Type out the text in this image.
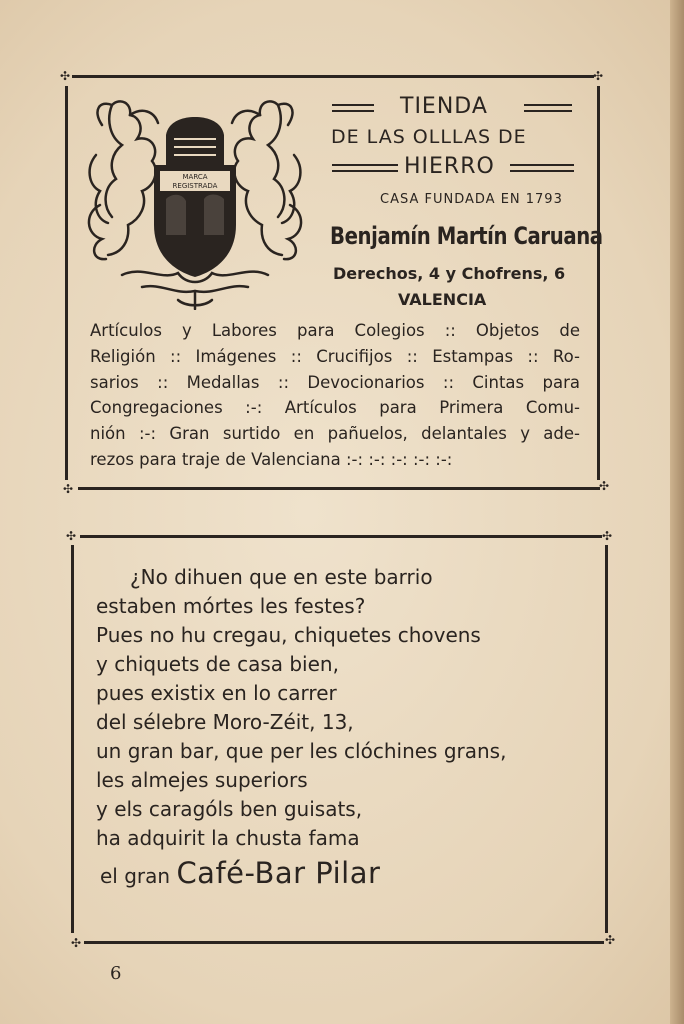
✣	✣
✣	✣
MARCA
REGISTRADA
TIENDA
DE LAS OLLLAS DE
HIERRO
CASA FUNDADA EN 1793
Benjamín Martín Caruana
Derechos, 4 y Chofrens, 6
VALENCIA
Artículos y Labores para Colegios :: Objetos de
Religión :: Imágenes :: Crucifijos :: Estampas :: Ro-
sarios :: Medallas :: Devocionarios :: Cintas para
Congregaciones :-: Artículos para Primera Comu-
nión :-: Gran surtido en pañuelos, delantales y ade-
rezos para traje de Valenciana :-: :-: :-: :-: :-:
✣	✣
✣	✣
¿No dihuen que en este barrio
estaben mórtes les festes?
Pues no hu cregau, chiquetes chovens
y chiquets de casa bien,
pues existix en lo carrer
del sélebre Moro-Zéit, 13,
un gran bar, que per les clóchines grans,
les almejes superiors
y els caragóls ben guisats,
ha adquirit la chusta fama
el gran Café-Bar Pilar
6
